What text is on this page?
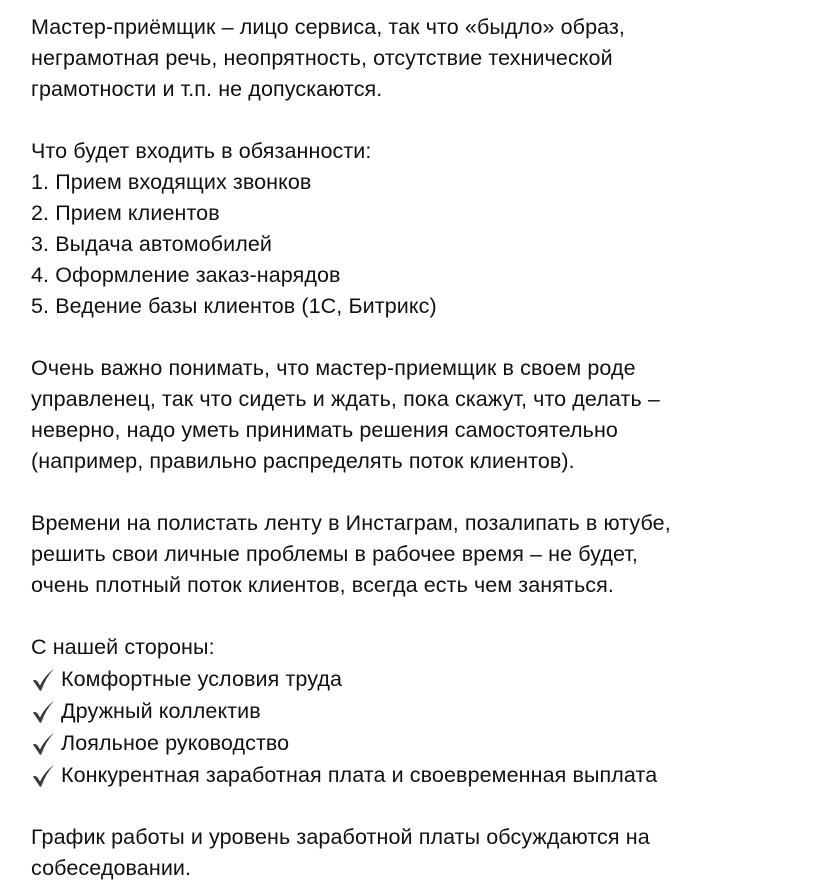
Мастер-приёмщик – лицо сервиса, так что «быдло» образ,
неграмотная речь, неопрятность, отсутствие технической
грамотности и т.п. не допускаются.

Что будет входить в обязанности:
1. Прием входящих звонков
2. Прием клиентов
3. Выдача автомобилей
4. Оформление заказ-нарядов
5. Ведение базы клиентов (1С, Битрикс)

Очень важно понимать, что мастер-приемщик в своем роде
управленец, так что сидеть и ждать, пока скажут, что делать –
неверно, надо уметь принимать решения самостоятельно
(например, правильно распределять поток клиентов).

Времени на полистать ленту в Инстаграм, позалипать в ютубе,
решить свои личные проблемы в рабочее время – не будет,
очень плотный поток клиентов, всегда есть чем заняться.

С нашей стороны:
Комфортные условия труда
Дружный коллектив
Лояльное руководство
Конкурентная заработная плата и своевременная выплата

График работы и уровень заработной платы обсуждаются на
собеседовании.
